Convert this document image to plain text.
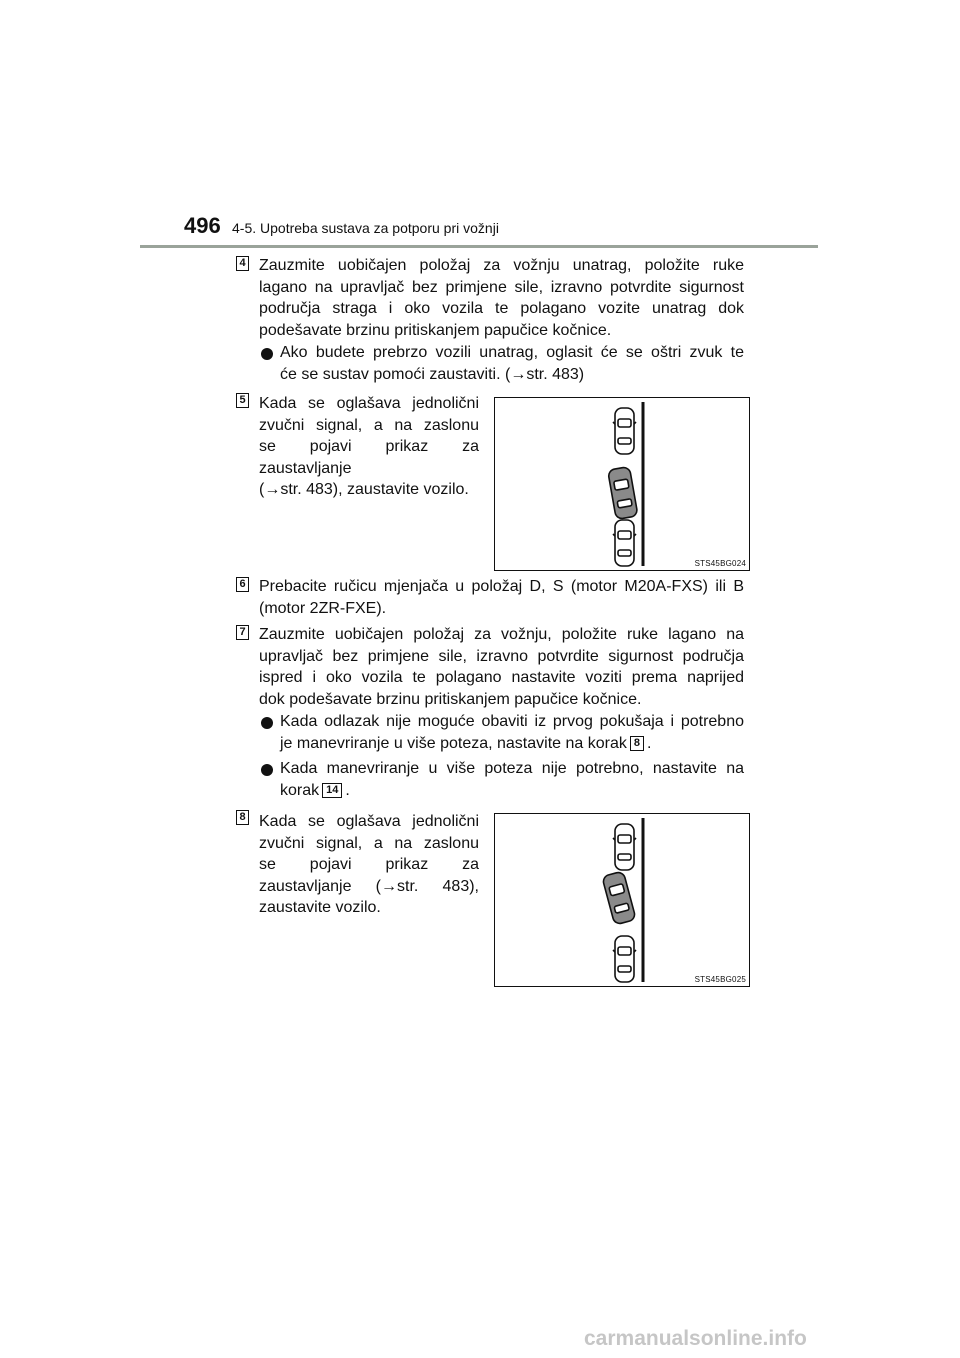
496 4-5. Upotreba sustava za potporu pri vožnji
4 Zauzmite uobičajen položaj za vožnju unatrag, položite ruke
lagano na upravljač bez primjene sile, izravno potvrdite sigurnost
područja straga i oko vozila te polagano vozite unatrag dok
podešavate brzinu pritiskanjem papučice kočnice.
Ako budete prebrzo vozili unatrag, oglasit će se oštri zvuk te
će se sustav pomoći zaustaviti. (→str. 483)
5 Kada se oglašava jednolični
zvučni signal, a na zaslonu
se pojavi prikaz za
zaustavljanje
(→str. 483), zaustavite vozilo.
STS45BG024
6 Prebacite ručicu mjenjača u položaj D, S (motor M20A-FXS) ili B
(motor 2ZR-FXE).
7 Zauzmite uobičajen položaj za vožnju, položite ruke lagano na
upravljač bez primjene sile, izravno potvrdite sigurnost područja
ispred i oko vozila te polagano nastavite voziti prema naprijed
dok podešavate brzinu pritiskanjem papučice kočnice.
Kada odlazak nije moguće obaviti iz prvog pokušaja i potrebno
je manevriranje u više poteza, nastavite na korak 8 .
Kada manevriranje u više poteza nije potrebno, nastavite na
korak 14 .
8 Kada se oglašava jednolični
zvučni signal, a na zaslonu
se pojavi prikaz za
zaustavljanje (→str. 483),
zaustavite vozilo.
STS45BG025
carmanualsonline.info
